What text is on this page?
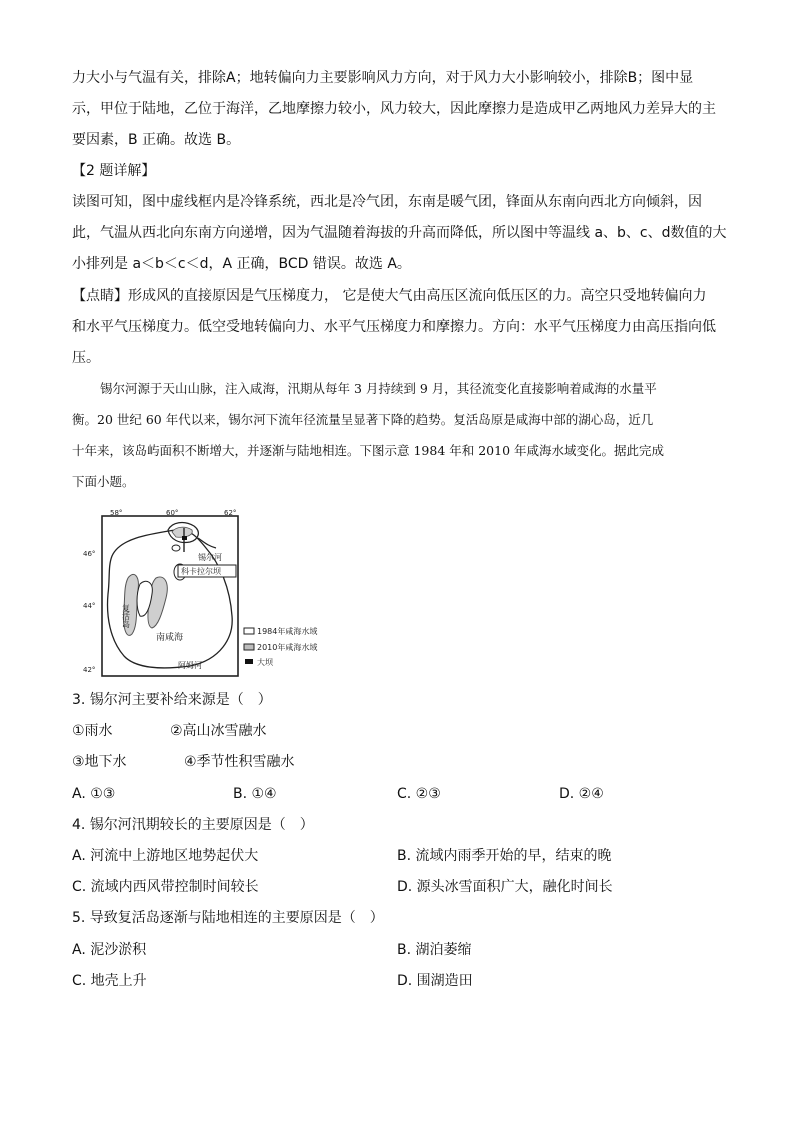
力大小与气温有关，排除A；地转偏向力主要影响风力方向，对于风力大小影响较小，排除B；图中显
示，甲位于陆地，乙位于海洋，乙地摩擦力较小，风力较大，因此摩擦力是造成甲乙两地风力差异大的主
要因素，B 正确。故选 B。
【2 题详解】
读图可知，图中虚线框内是冷锋系统，西北是冷气团，东南是暖气团，锋面从东南向西北方向倾斜，因
此，气温从西北向东南方向递增，因为气温随着海拔的升高而降低，所以图中等温线 a、b、c、d数值的大
小排列是 a＜b＜c＜d，A 正确，BCD 错误。故选 A。
【点睛】形成风的直接原因是气压梯度力， 它是使大气由高压区流向低压区的力。高空只受地转偏向力
和水平气压梯度力。低空受地转偏向力、水平气压梯度力和摩擦力。方向：水平气压梯度力由高压指向低
压。
锡尔河源于天山山脉，注入咸海，汛期从每年 3 月持续到 9 月，其径流变化直接影响着咸海的水量平
衡。20 世纪 60 年代以来，锡尔河下流年径流量呈显著下降的趋势。复活岛原是咸海中部的湖心岛，近几
十年来，该岛屿面积不断增大，并逐渐与陆地相连。下图示意 1984 年和 2010 年咸海水域变化。据此完成
下面小题。
58°	60°	62°
46°
44°
42°
锡尔河
科卡拉尔坝
复活岛
南咸海
阿姆河
1984年咸海水域
2010年咸海水域
大坝
3. 锡尔河主要补给来源是（　）
①雨水	②高山冰雪融水
③地下水	④季节性积雪融水
A. ①③	B. ①④	C. ②③	D. ②④
4. 锡尔河汛期较长的主要原因是（　）
A. 河流中上游地区地势起伏大	B. 流域内雨季开始的早，结束的晚
C. 流域内西风带控制时间较长	D. 源头冰雪面积广大，融化时间长
5. 导致复活岛逐渐与陆地相连的主要原因是（　）
A. 泥沙淤积	B. 湖泊萎缩
C. 地壳上升	D. 围湖造田
